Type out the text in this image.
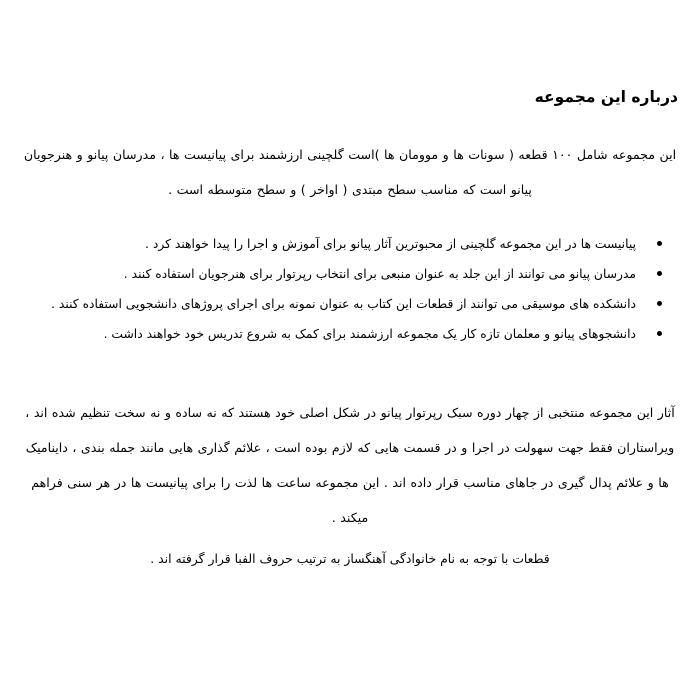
درباره این مجموعه
این مجموعه شامل ۱۰۰ قطعه ( سونات ها و موومان ها )است گلچینی ارزشمند برای پیانیست ها ، مدرسان پیانو و هنرجویان
پیانو است که مناسب سطح مبتدی ( اواخر ) و سطح متوسطه است .
پیانیست ها در این مجموعه گلچینی از محبوترین آثار پیانو برای آموزش و اجرا را پیدا خواهند کرد .
مدرسان پیانو می توانند از این جلد به عنوان منبعی برای انتخاب رپرتوار برای هنرجویان استفاده کنند .
دانشکده های موسیقی می توانند از قطعات این کتاب به عنوان نمونه برای اجرای پروژهای دانشجویی استفاده کنند .
دانشجوهای پیانو و معلمان تازه کار یک مجموعه ارزشمند برای کمک به شروع تدریس خود خواهند داشت .
آثار این مجموعه منتخبی از چهار دوره سبک رپرتوار پیانو در شکل اصلی خود هستند که نه ساده و نه سخت تنظیم شده اند ،
ویراستاران فقط جهت سهولت در اجرا و در قسمت هایی که لازم بوده است ، علائم گذاری هایی مانند جمله بندی ، داینامیک
ها و علائم پدال گیری در جاهای مناسب قرار داده اند . این مجموعه ساعت ها لذت را برای پیانیست ها در هر سنی فراهم
میکند .
قطعات با توجه به نام خانوادگی آهنگساز به ترتیب حروف الفبا قرار گرفته اند .
